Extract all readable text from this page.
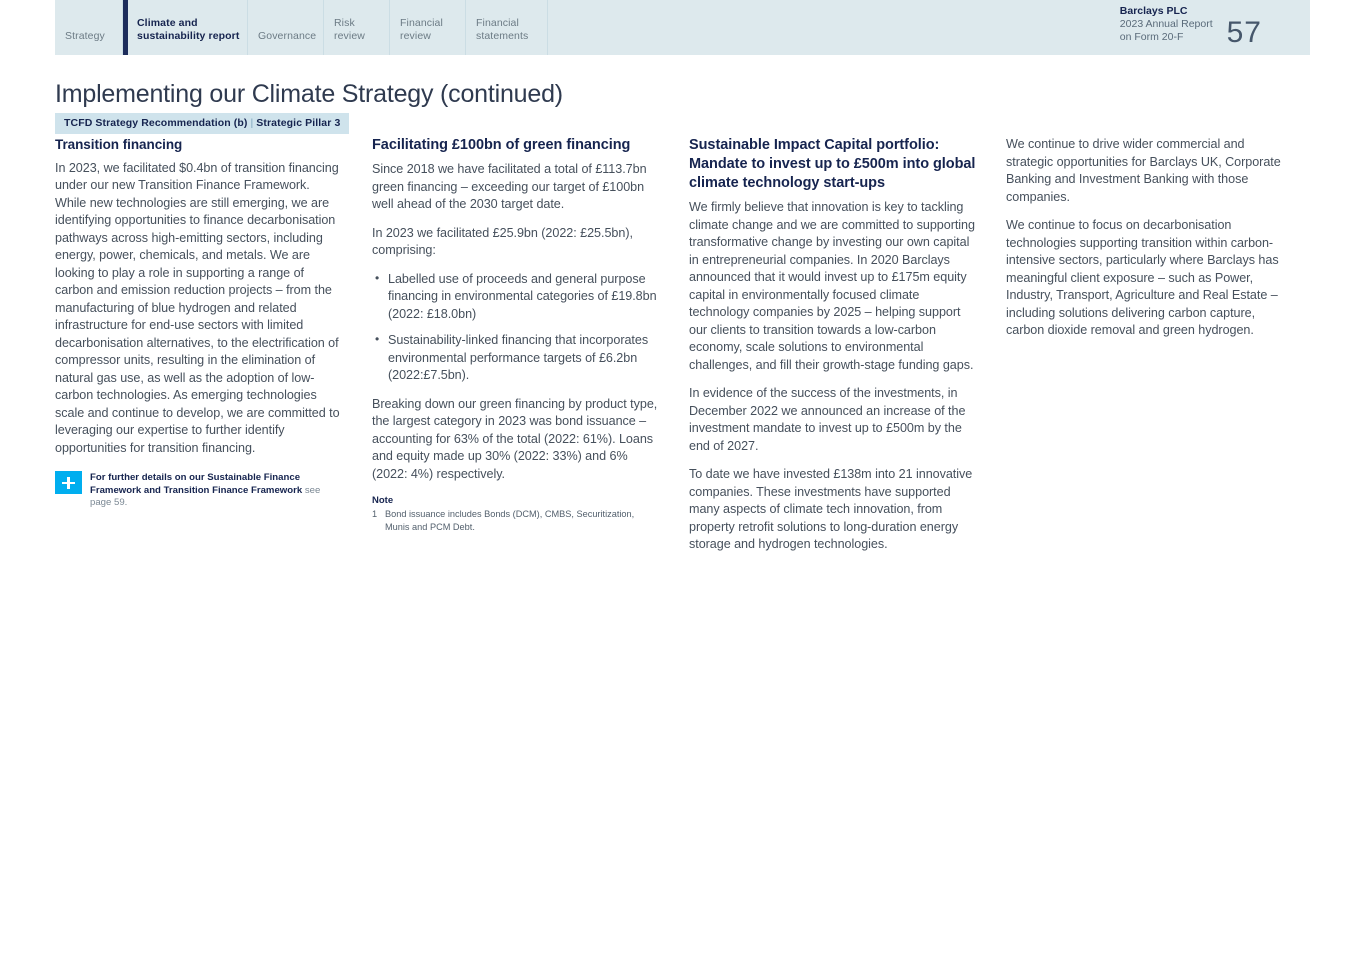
Strategy
Climate and
sustainability report Governance
Risk
review
Financial
review
Financial
statements
Barclays PLC
2023 Annual Report
on Form 20-F	57
Implementing our Climate Strategy (continued)
TCFD Strategy Recommendation (b) | Strategic Pillar 3
Transition financing

In 2023, we facilitated $0.4bn of transition financing under our new Transition Finance Framework. While new technologies are still emerging, we are identifying opportunities to finance decarbonisation pathways across high-emitting sectors, including energy, power, chemicals, and metals. We are looking to play a role in supporting a range of carbon and emission reduction projects – from the manufacturing of blue hydrogen and related infrastructure for end-use sectors with limited decarbonisation alternatives, to the electrification of compressor units, resulting in the elimination of natural gas use, as well as the adoption of low-carbon technologies. As emerging technologies scale and continue to develop, we are committed to leveraging our expertise to further identify opportunities for transition financing.

For further details on our Sustainable Finance Framework and Transition Finance Framework see page 59.
Facilitating £100bn of green financing

Since 2018 we have facilitated a total of £113.7bn green financing – exceeding our target of £100bn well ahead of the 2030 target date.

In 2023 we facilitated £25.9bn (2022: £25.5bn), comprising:

• Labelled use of proceeds and general purpose financing in environmental categories of £19.8bn (2022: £18.0bn)
• Sustainability-linked financing that incorporates environmental performance targets of £6.2bn (2022:£7.5bn).

Breaking down our green financing by product type, the largest category in 2023 was bond issuance – accounting for 63% of the total (2022: 61%). Loans and equity made up 30% (2022: 33%) and 6% (2022: 4%) respectively.

Note
1 Bond issuance includes Bonds (DCM), CMBS, Securitization, Munis and PCM Debt.
Sustainable Impact Capital portfolio: Mandate to invest up to £500m into global climate technology start-ups

We firmly believe that innovation is key to tackling climate change and we are committed to supporting transformative change by investing our own capital in entrepreneurial companies. In 2020 Barclays announced that it would invest up to £175m equity capital in environmentally focused climate technology companies by 2025 – helping support our clients to transition towards a low-carbon economy, scale solutions to environmental challenges, and fill their growth-stage funding gaps.

In evidence of the success of the investments, in December 2022 we announced an increase of the investment mandate to invest up to £500m by the end of 2027.

To date we have invested £138m into 21 innovative companies. These investments have supported many aspects of climate tech innovation, from property retrofit solutions to long-duration energy storage and hydrogen technologies.

We continue to drive wider commercial and strategic opportunities for Barclays UK, Corporate Banking and Investment Banking with those companies.

We continue to focus on decarbonisation technologies supporting transition within carbon-intensive sectors, particularly where Barclays has meaningful client exposure – such as Power, Industry, Transport, Agriculture and Real Estate – including solutions delivering carbon capture, carbon dioxide removal and green hydrogen.
